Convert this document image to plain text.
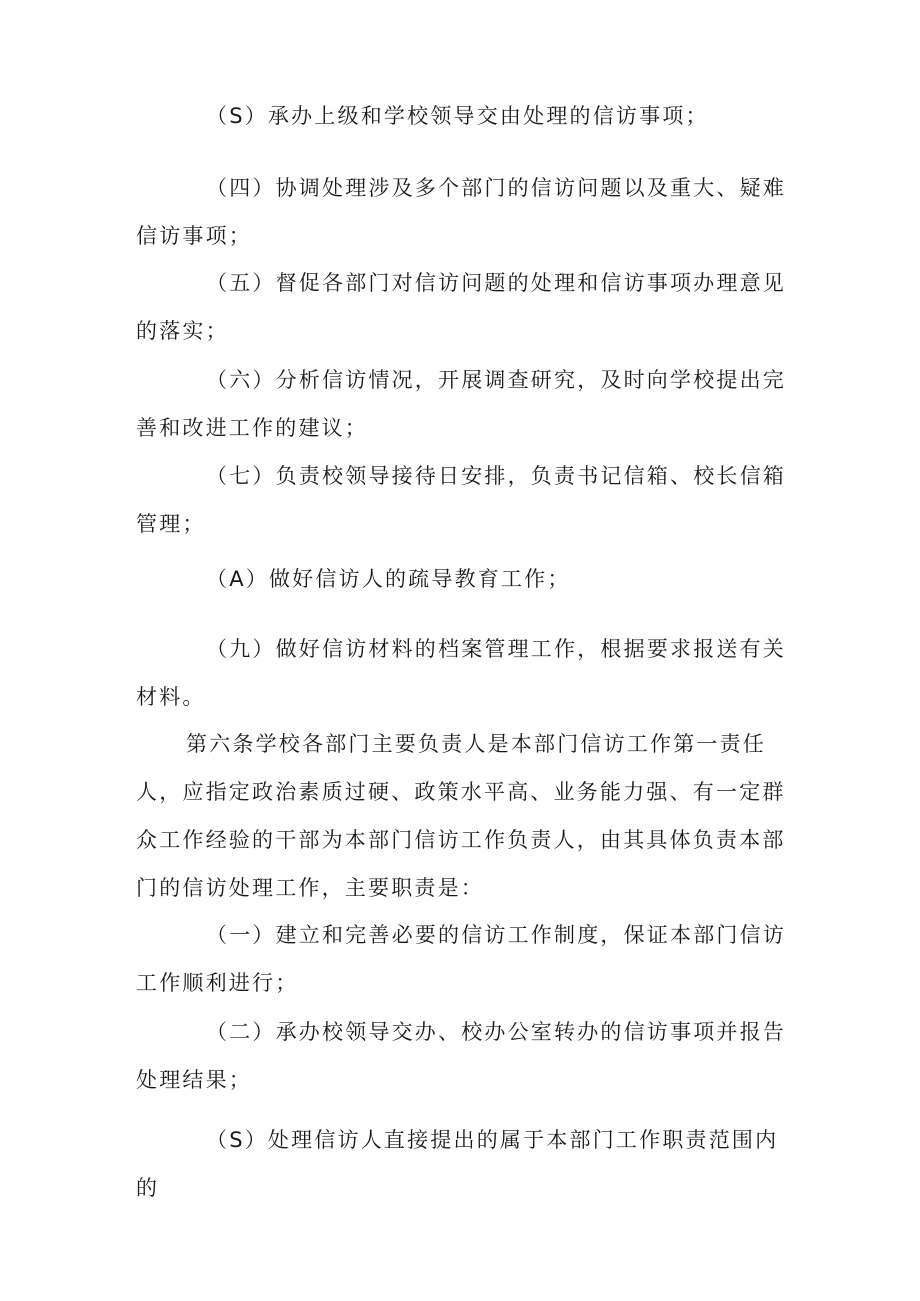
（S）承办上级和学校领导交由处理的信访事项；
（四）协调处理涉及多个部门的信访问题以及重大、疑难信访事项；
（五）督促各部门对信访问题的处理和信访事项办理意见的落实；
（六）分析信访情况，开展调查研究，及时向学校提出完善和改进工作的建议；
（七）负责校领导接待日安排，负责书记信箱、校长信箱管理；
（A）做好信访人的疏导教育工作；
（九）做好信访材料的档案管理工作，根据要求报送有关材料。
第六条学校各部门主要负责人是本部门信访工作第一责任人，应指定政治素质过硬、政策水平高、业务能力强、有一定群众工作经验的干部为本部门信访工作负责人，由其具体负责本部门的信访处理工作，主要职责是：
（一）建立和完善必要的信访工作制度，保证本部门信访工作顺利进行；
（二）承办校领导交办、校办公室转办的信访事项并报告处理结果；
（S）处理信访人直接提出的属于本部门工作职责范围内的
